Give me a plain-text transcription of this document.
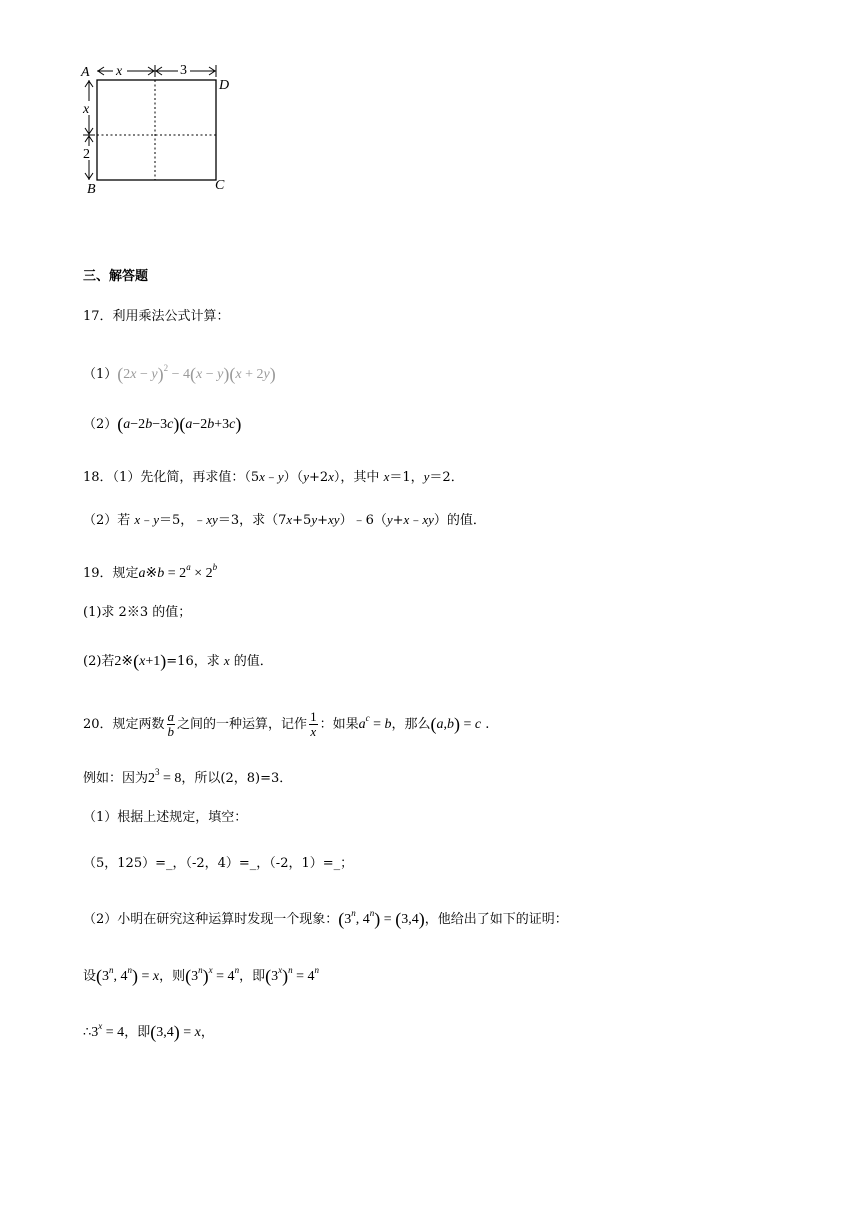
A
D
B	C
x	3
x
2
三、解答题
17．利用乘法公式计算：
$(1)(2x - y)^2 - 4(x - y)(x + 2y)$
（2）(a−2b−3c)(a−2b+3c)
18．（1）先化简，再求值：（5x﹣y）（y+2x），其中 x＝1，y＝2．
（2）若 x﹣y＝5，﹣xy＝3，求（7x+5y+xy）﹣6（y+x﹣xy）的值．
19．规定a※b = $2^a \times 2^b$
(1)求 2※3 的值；
(2)若2※(x+1)=16，求 x 的值．
20．规定两数 $\frac{a}{b}$ 之间的一种运算，记作 $\frac{1}{x}$ ：如果$a^c = b$，那么(a,b) = c .
例如：因为$2^3 = 8$，所以(2，8)=3．
（1）根据上述规定，填空：
（5，125）=_，（-2，4）=_，（-2，1）=_；
（2）小明在研究这种运算时发现一个现象：(3$^n$, $4^n) = (3,4)$，他给出了如下的证明：
设(3$^n$, $4^n) = x$，则$(3^n)^x = 4^n$，即$(3^x)^n = 4^n$
$\therefore 3^x = 4$，即(3,4) = x，
